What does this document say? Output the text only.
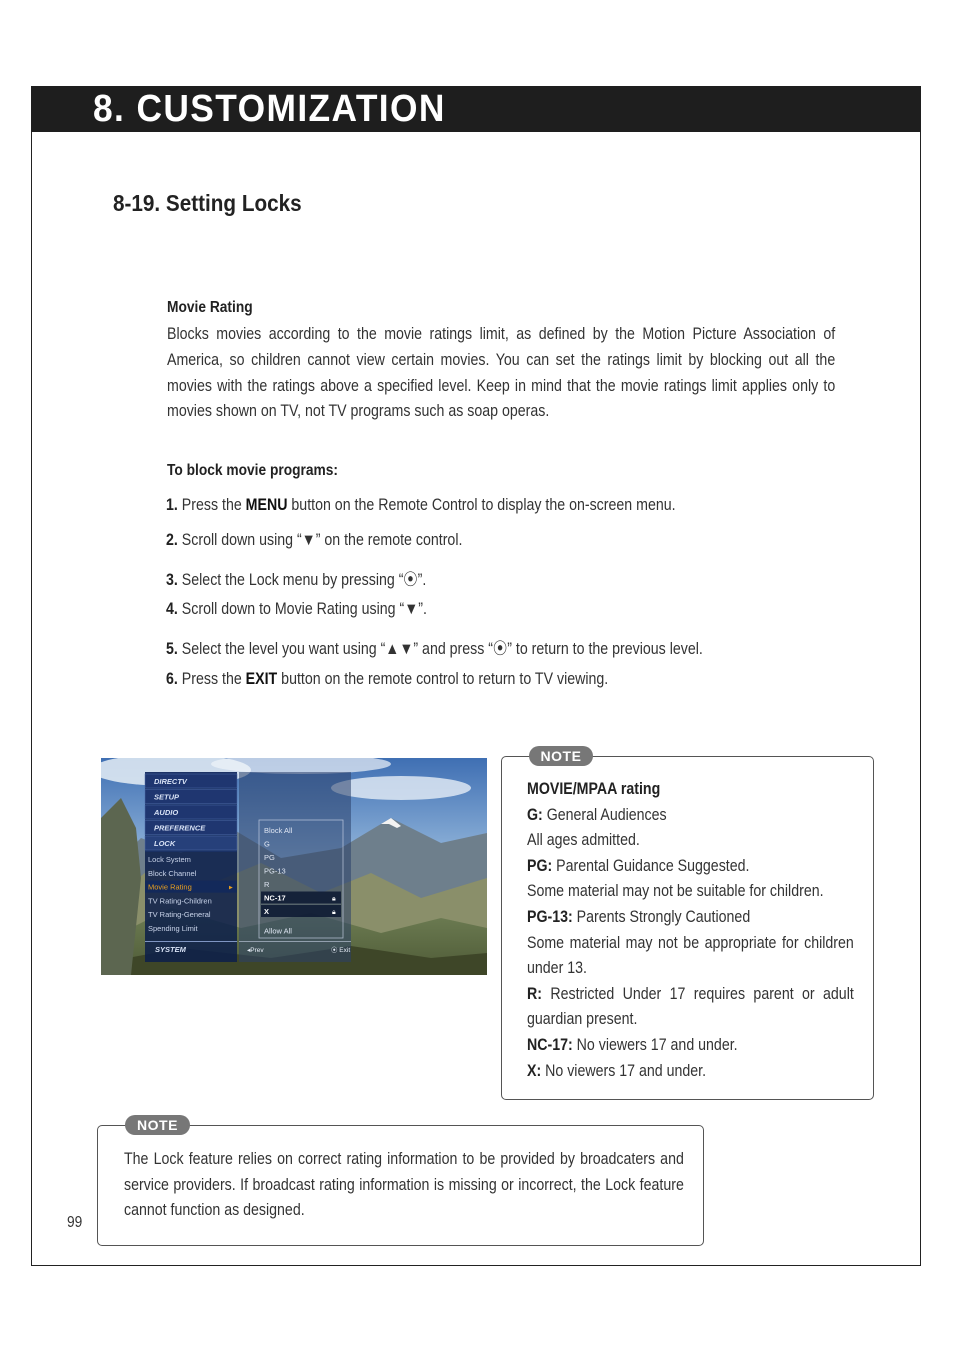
8. CUSTOMIZATION
8-19. Setting Locks
Movie Rating
Blocks movies according to the movie ratings limit, as defined by the Motion Picture Association of America, so children cannot view certain movies. You can set the ratings limit by blocking out all the movies with the ratings above a specified level. Keep in mind that the movie ratings limit applies only to movies shown on TV, not TV programs such as soap operas.
To block movie programs:
1. Press the MENU button on the Remote Control to display the on-screen menu.
2. Scroll down using “▼” on the remote control.
3. Select the Lock menu by pressing “⦿”.
4. Scroll down to Movie Rating using “▼”.
5. Select the level you want using “▲▼” and press “⦿” to return to the previous level.
6. Press the EXIT button on the remote control to return to TV viewing.
DIRECTV
SETUP
AUDIO
PREFERENCE
LOCK
Lock System
Block Channel
Movie Rating	▸
TV Rating-Children
TV Rating-General
Spending Limit
SYSTEM
Block All
G
PG
PG-13
R
NC-17	🔒︎
X	🔒︎
Allow All
◂Prev	⦿ Exit
NOTE
MOVIE/MPAA rating
G: General Audiences
All ages admitted.
PG: Parental Guidance Suggested.
Some material may not be suitable for children.
PG-13: Parents Strongly Cautioned
Some material may not be appropriate for children under 13.
R: Restricted Under 17 requires parent or adult guardian present.
NC-17: No viewers 17 and under.
X: No viewers 17 and under.
NOTE
The Lock feature relies on correct rating information to be provided by broadcaters and service providers. If broadcast rating information is missing or incorrect, the Lock feature cannot function as designed.
99
